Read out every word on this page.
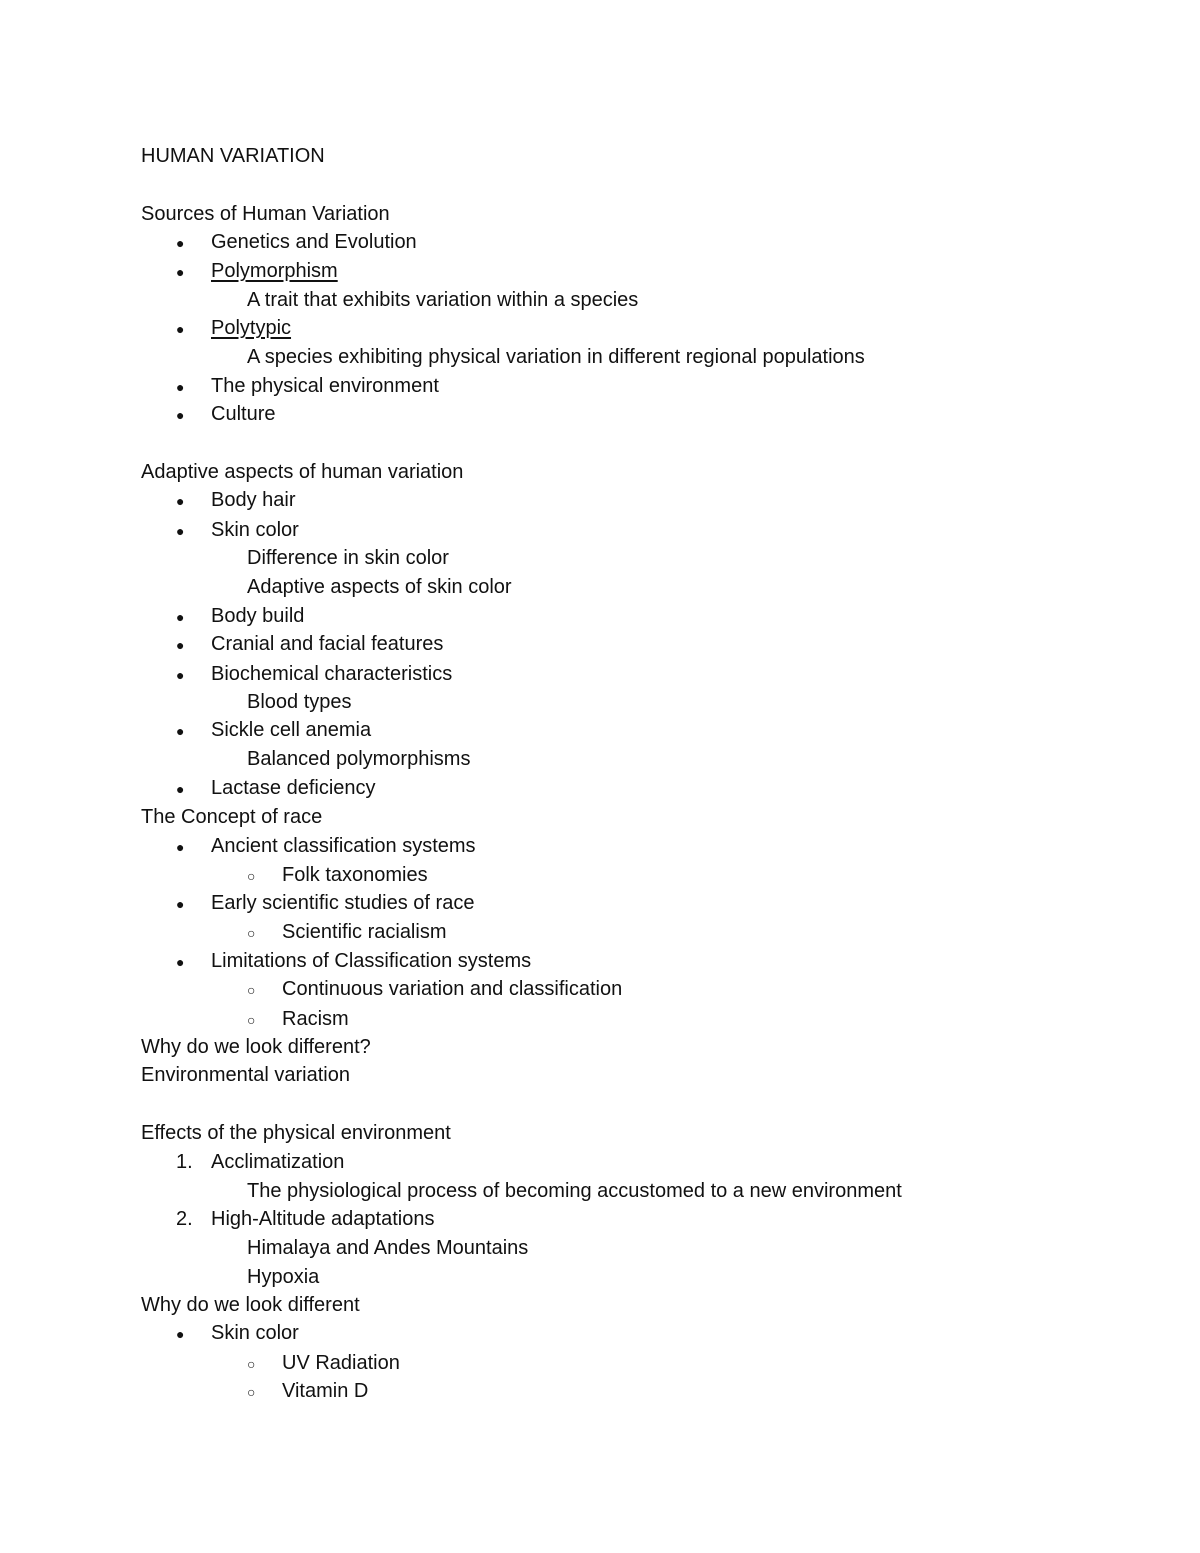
HUMAN VARIATION
Sources of Human Variation
● Genetics and Evolution
● Polymorphism
A trait that exhibits variation within a species
● Polytypic
A species exhibiting physical variation in different regional populations
● The physical environment
● Culture
Adaptive aspects of human variation
● Body hair
● Skin color
Difference in skin color
Adaptive aspects of skin color
● Body build
● Cranial and facial features
● Biochemical characteristics
Blood types
● Sickle cell anemia
Balanced polymorphisms
● Lactase deficiency
The Concept of race
● Ancient classification systems
○ Folk taxonomies
● Early scientific studies of race
○ Scientific racialism
● Limitations of Classification systems
○ Continuous variation and classification
○ Racism
Why do we look different?
Environmental variation
Effects of the physical environment
1. Acclimatization
The physiological process of becoming accustomed to a new environment
2. High-Altitude adaptations
Himalaya and Andes Mountains
Hypoxia
Why do we look different
● Skin color
○ UV Radiation
○ Vitamin D
